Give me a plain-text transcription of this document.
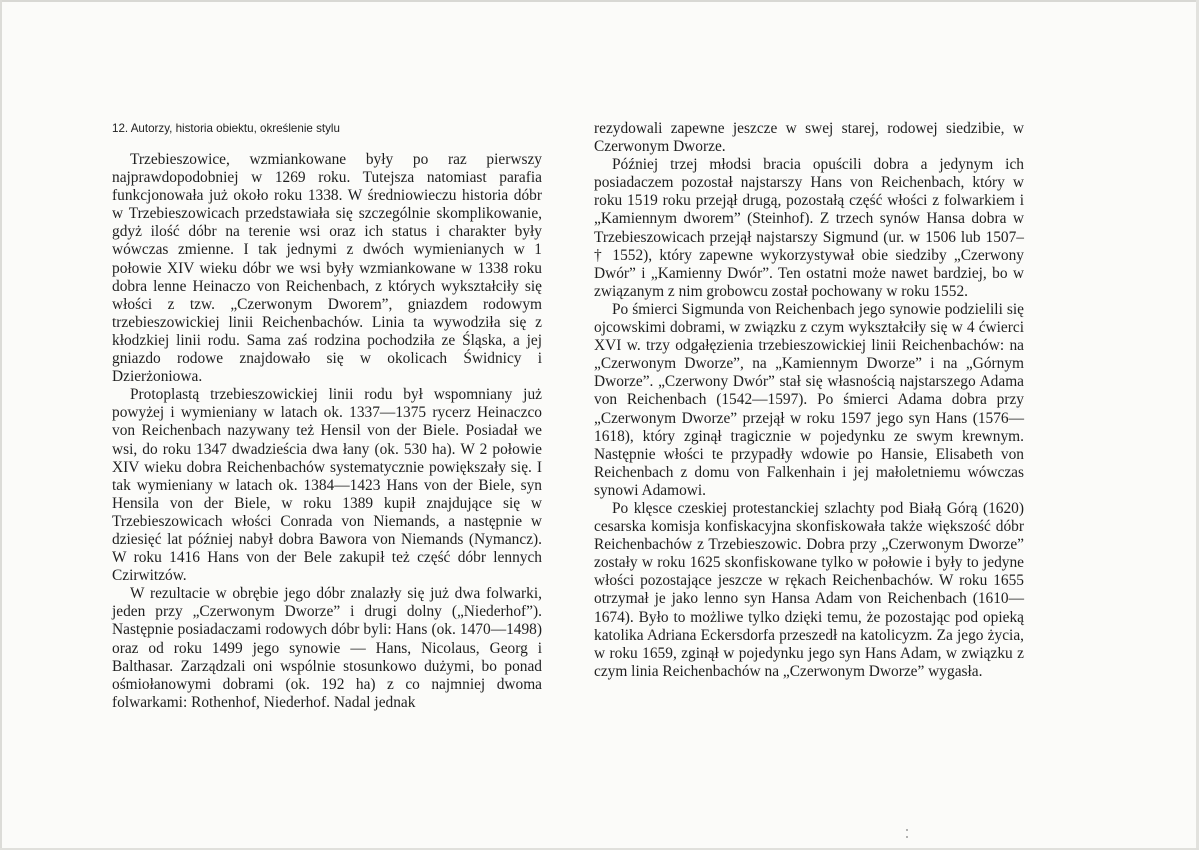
12. Autorzy, historia obiektu, określenie stylu

Trzebieszowice, wzmiankowane były po raz pierwszy najprawdopodobniej w 1269 roku. Tutejsza natomiast parafia funkcjonowała już około roku 1338. W średniowieczu historia dóbr w Trzebieszowicach przedstawiała się szczególnie skomplikowanie, gdyż ilość dóbr na terenie wsi oraz ich status i charakter były wówczas zmienne. I tak jednymi z dwóch wymienianych w 1 połowie XIV wieku dóbr we wsi były wzmiankowane w 1338 roku dobra lenne Heinaczo von Reichenbach, z których wykształciły się włości z tzw. „Czerwonym Dworem”, gniazdem rodowym trzebieszowickiej linii Reichenbachów. Linia ta wywodziła się z kłodzkiej linii rodu. Sama zaś rodzina pochodziła ze Śląska, a jej gniazdo rodowe znajdowało się w okolicach Świdnicy i Dzierżoniowa.

Protoplastą trzebieszowickiej linii rodu był wspomniany już powyżej i wymieniany w latach ok. 1337—1375 rycerz Heinaczco von Reichenbach nazywany też Hensil von der Biele. Posiadał we wsi, do roku 1347 dwadzieścia dwa łany (ok. 530 ha). W 2 połowie XIV wieku dobra Reichenbachów systematycznie powiększały się. I tak wymieniany w latach ok. 1384—1423 Hans von der Biele, syn Hensila von der Biele, w roku 1389 kupił znajdujące się w Trzebieszowicach włości Conrada von Niemands, a następnie w dziesięć lat później nabył dobra Bawora von Niemands (Nymancz). W roku 1416 Hans von der Bele zakupił też część dóbr lennych Czirwitzów.

W rezultacie w obrębie jego dóbr znalazły się już dwa folwarki, jeden przy „Czerwonym Dworze” i drugi dolny („Niederhof”). Następnie posiadaczami rodowych dóbr byli: Hans (ok. 1470—1498) oraz od roku 1499 jego synowie — Hans, Nicolaus, Georg i Balthasar. Zarządzali oni wspólnie stosunkowo dużymi, bo ponad ośmiołanowymi dobrami (ok. 192 ha) z co najmniej dwoma folwarkami: Rothenhof, Niederhof. Nadal jednak

rezydowali zapewne jeszcze w swej starej, rodowej siedzibie, w Czerwonym Dworze.

Później trzej młodsi bracia opuścili dobra a jedynym ich posiadaczem pozostał najstarszy Hans von Reichenbach, który w roku 1519 roku przejął drugą, pozostałą część włości z folwarkiem i „Kamiennym dworem” (Steinhof). Z trzech synów Hansa dobra w Trzebieszowicach przejął najstarszy Sigmund (ur. w 1506 lub 1507– † 1552), który zapewne wykorzystywał obie siedziby „Czerwony Dwór” i „Kamienny Dwór”. Ten ostatni może nawet bardziej, bo w związanym z nim grobowcu został pochowany w roku 1552.

Po śmierci Sigmunda von Reichenbach jego synowie podzielili się ojcowskimi dobrami, w związku z czym wykształciły się w 4 ćwierci XVI w. trzy odgałęzienia trzebieszowickiej linii Reichenbachów: na „Czerwonym Dworze”, na „Kamiennym Dworze” i na „Górnym Dworze”. „Czerwony Dwór” stał się własnością najstarszego Adama von Reichenbach (1542—1597). Po śmierci Adama dobra przy „Czerwonym Dworze” przejął w roku 1597 jego syn Hans (1576—1618), który zginął tragicznie w pojedynku ze swym krewnym. Następnie włości te przypadły wdowie po Hansie, Elisabeth von Reichenbach z domu von Falkenhain i jej małoletniemu wówczas synowi Adamowi.

Po klęsce czeskiej protestanckiej szlachty pod Białą Górą (1620) cesarska komisja konfiskacyjna skonfiskowała także większość dóbr Reichenbachów z Trzebieszowic. Dobra przy „Czerwonym Dworze” zostały w roku 1625 skonfiskowane tylko w połowie i były to jedyne włości pozostające jeszcze w rękach Reichenbachów. W roku 1655 otrzymał je jako lenno syn Hansa Adam von Reichenbach (1610—1674). Było to możliwe tylko dzięki temu, że pozostając pod opieką katolika Adriana Eckersdorfa przeszedł na katolicyzm. Za jego życia, w roku 1659, zginął w pojedynku jego syn Hans Adam, w związku z czym linia Reichenbachów na „Czerwonym Dworze” wygasła.
